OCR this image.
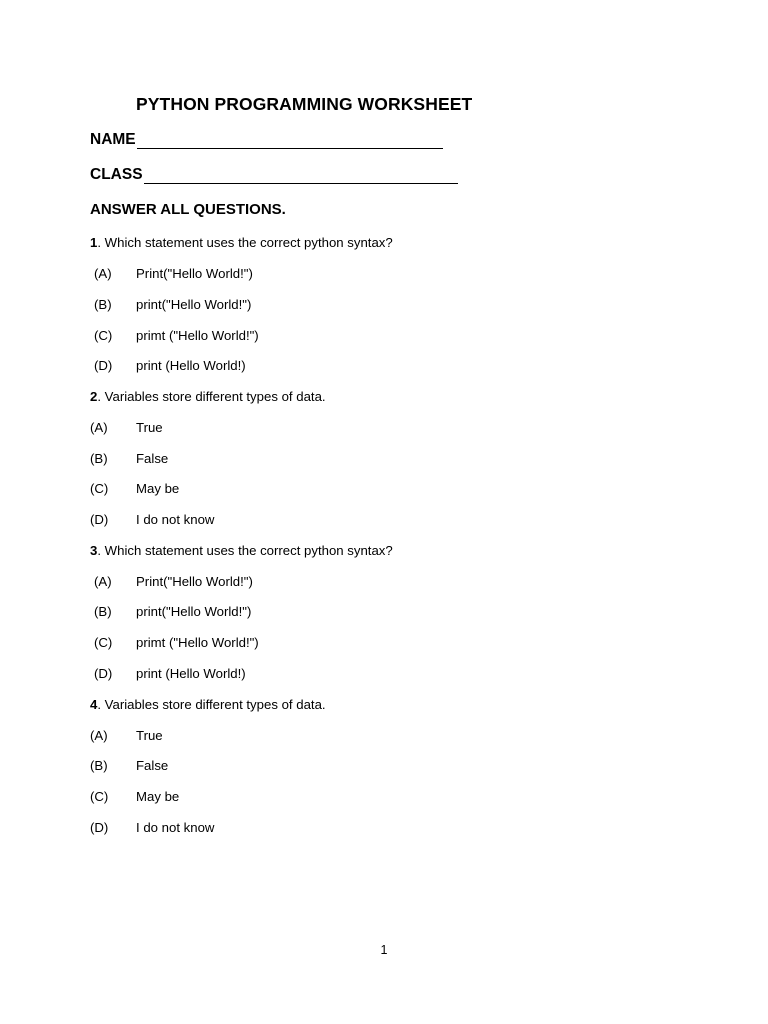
PYTHON PROGRAMMING WORKSHEET
NAME
CLASS
ANSWER ALL QUESTIONS.
1. Which statement uses the correct python syntax?
(A) Print("Hello World!")
(B) print("Hello World!")
(C) primt ("Hello World!")
(D) print (Hello World!)
2. Variables store different types of data.
(A) True
(B) False
(C) May be
(D) I do not know
3. Which statement uses the correct python syntax?
(A) Print("Hello World!")
(B) print("Hello World!")
(C) primt ("Hello World!")
(D) print (Hello World!)
4. Variables store different types of data.
(A) True
(B) False
(C) May be
(D) I do not know
1
